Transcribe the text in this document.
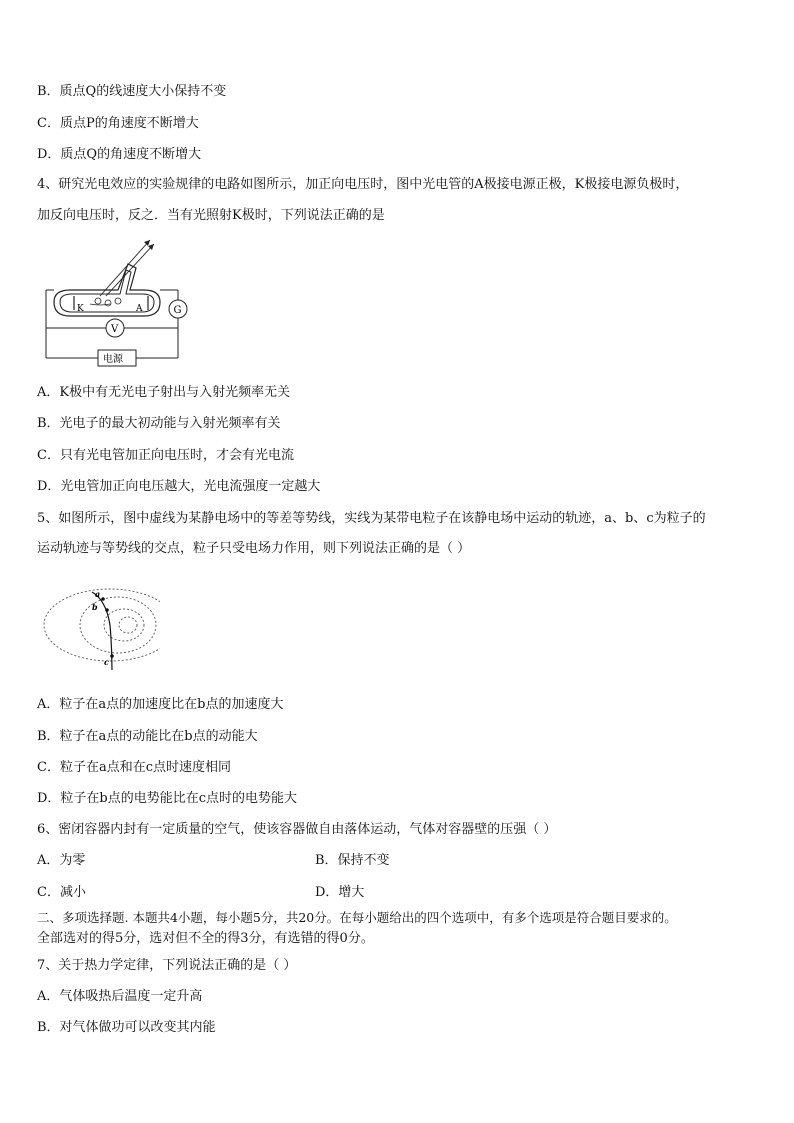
B．质点Q的线速度大小保持不变
C．质点P的角速度不断增大
D．质点Q的角速度不断增大
4、研究光电效应的实验规律的电路如图所示，加正向电压时，图中光电管的A极接电源正极，K极接电源负极时，
加反向电压时，反之．当有光照射K极时，下列说法正确的是
K	A	G
V
电源
A．K极中有无光电子射出与入射光频率无关
B．光电子的最大初动能与入射光频率有关
C．只有光电管加正向电压时，才会有光电流
D．光电管加正向电压越大，光电流强度一定越大
5、如图所示，图中虚线为某静电场中的等差等势线，实线为某带电粒子在该静电场中运动的轨迹，a、b、c为粒子的
运动轨迹与等势线的交点，粒子只受电场力作用，则下列说法正确的是（ ）
a
b
c
A．粒子在a点的加速度比在b点的加速度大
B．粒子在a点的动能比在b点的动能大
C．粒子在a点和在c点时速度相同
D．粒子在b点的电势能比在c点时的电势能大
6、密闭容器内封有一定质量的空气，使该容器做自由落体运动，气体对容器壁的压强（ ）
A．为零	B．保持不变
C．减小	D．增大
二、多项选择题. 本题共4小题，每小题5分，共20分。在每小题给出的四个选项中，有多个选项是符合题目要求的。
全部选对的得5分，选对但不全的得3分，有选错的得0分。
7、关于热力学定律，下列说法正确的是（ ）
A．气体吸热后温度一定升高
B．对气体做功可以改变其内能
